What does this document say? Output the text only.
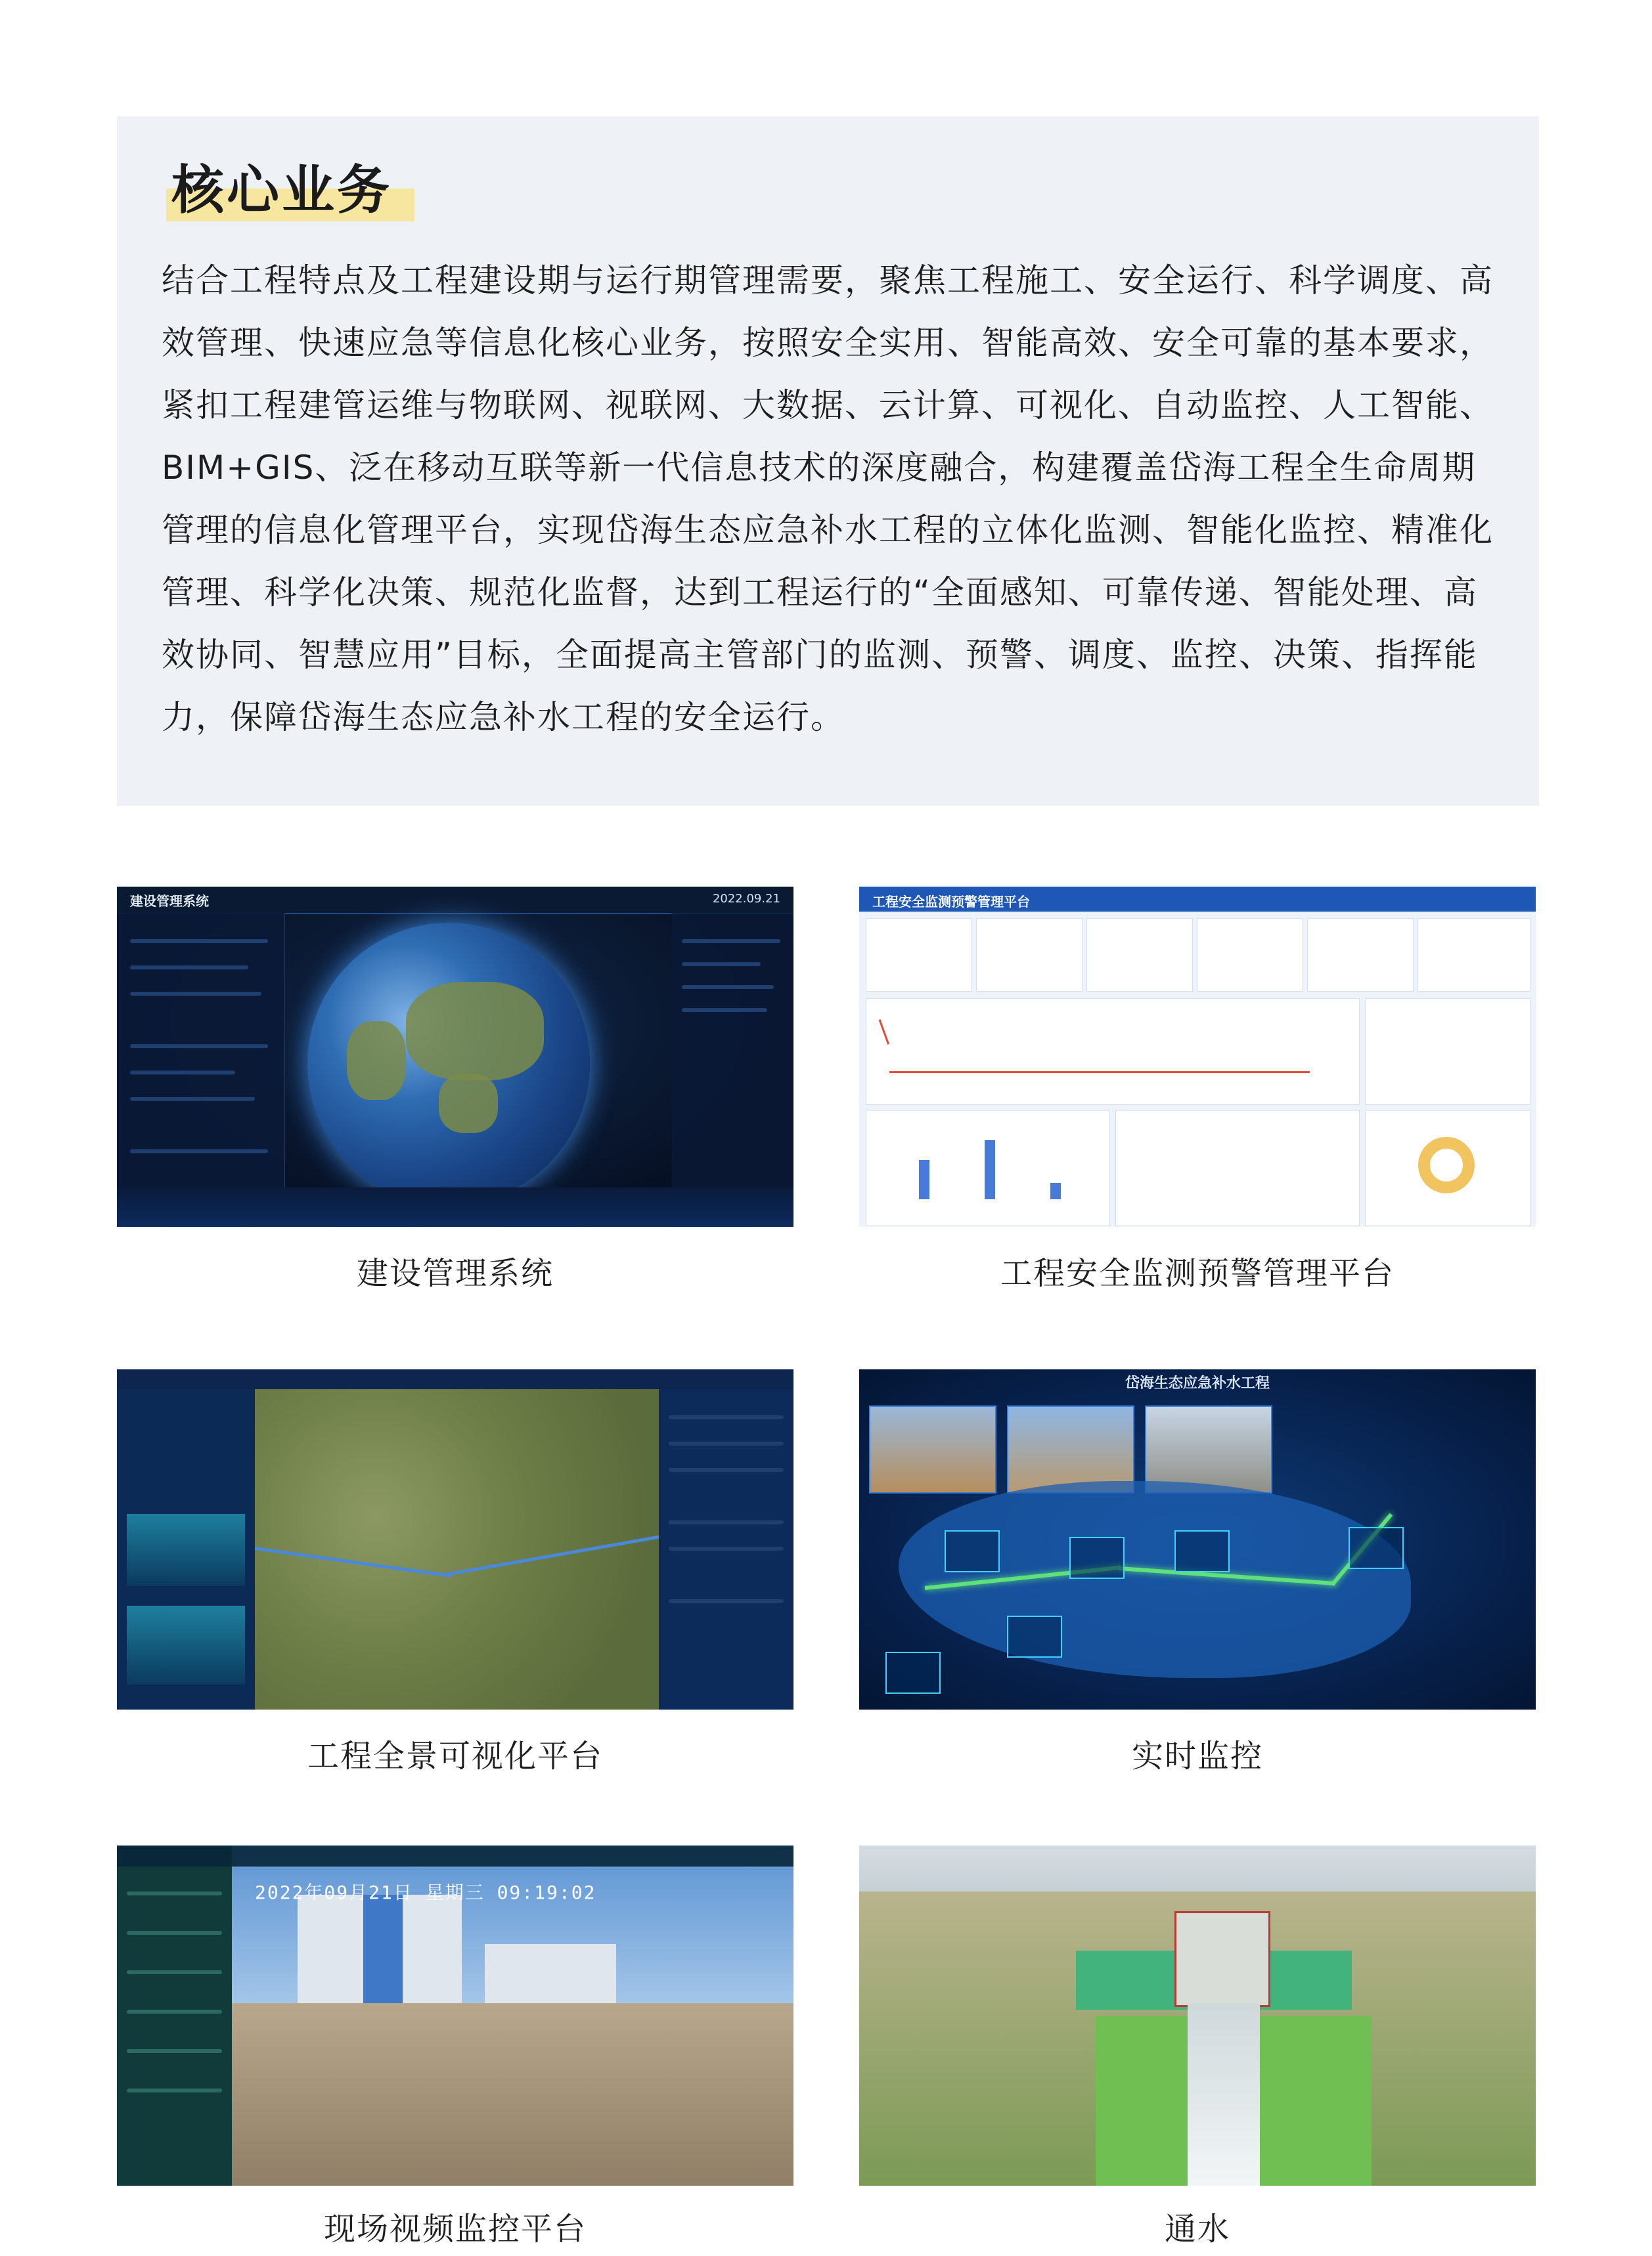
核心业务

结合工程特点及工程建设期与运行期管理需要，聚焦工程施工、安全运行、科学调度、高效管理、快速应急等信息化核心业务，按照安全实用、智能高效、安全可靠的基本要求，紧扣工程建管运维与物联网、视联网、大数据、云计算、可视化、自动监控、人工智能、BIM+GIS、泛在移动互联等新一代信息技术的深度融合，构建覆盖岱海工程全生命周期管理的信息化管理平台，实现岱海生态应急补水工程的立体化监测、智能化监控、精准化管理、科学化决策、规范化监督，达到工程运行的“全面感知、可靠传递、智能处理、高效协同、智慧应用”目标，全面提高主管部门的监测、预警、调度、监控、决策、指挥能力，保障岱海生态应急补水工程的安全运行。

建设管理系统	2022.09.21
建设管理系统
工程安全监测预警管理平台
工程安全监测预警管理平台
工程全景可视化平台
岱海生态应急补水工程
实时监控
2022年09月21日 星期三 09:19:02
现场视频监控平台	通水
